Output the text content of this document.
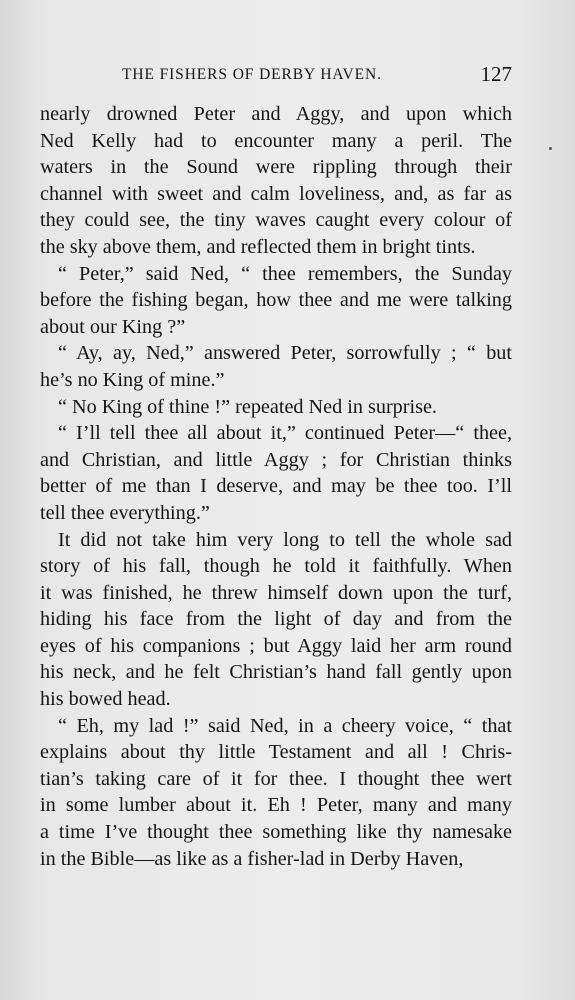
THE FISHERS OF DERBY HAVEN.	127

nearly drowned Peter and Aggy, and upon which
Ned Kelly had to encounter many a peril. The
waters in the Sound were rippling through their
channel with sweet and calm loveliness, and, as far as
they could see, the tiny waves caught every colour of
the sky above them, and reflected them in bright tints.

“ Peter,” said Ned, “ thee remembers, the Sunday
before the fishing began, how thee and me were talking
about our King ?”

“ Ay, ay, Ned,” answered Peter, sorrowfully ; “ but
he’s no King of mine.”

“ No King of thine !” repeated Ned in surprise.

“ I’ll tell thee all about it,” continued Peter—“ thee,
and Christian, and little Aggy ; for Christian thinks
better of me than I deserve, and may be thee too. I’ll
tell thee everything.”

It did not take him very long to tell the whole sad
story of his fall, though he told it faithfully. When
it was finished, he threw himself down upon the turf,
hiding his face from the light of day and from the
eyes of his companions ; but Aggy laid her arm round
his neck, and he felt Christian’s hand fall gently upon
his bowed head.

“ Eh, my lad !” said Ned, in a cheery voice, “ that
explains about thy little Testament and all ! Chris-
tian’s taking care of it for thee. I thought thee wert
in some lumber about it. Eh ! Peter, many and many
a time I’ve thought thee something like thy namesake
in the Bible—as like as a fisher-lad in Derby Haven,
